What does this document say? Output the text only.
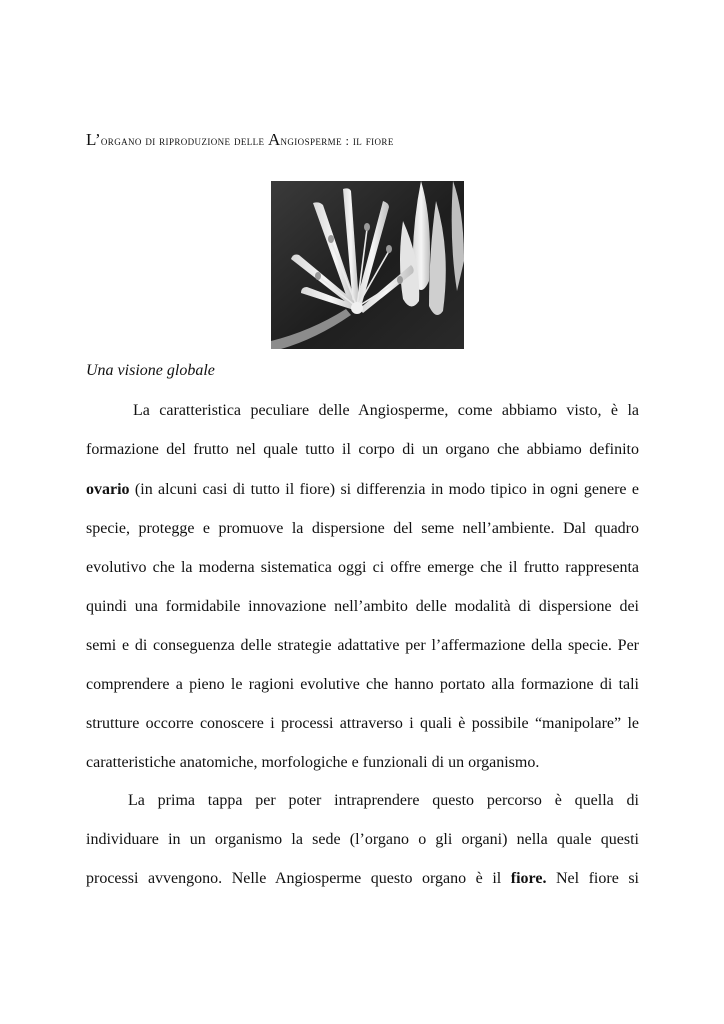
L’organo di riproduzione delle Angiosperme : il fiore

Una visione globale

La caratteristica peculiare delle Angiosperme, come abbiamo visto, è la
formazione del frutto nel quale tutto il corpo di un organo che abbiamo definito
ovario (in alcuni casi di tutto il fiore) si differenzia in modo tipico in ogni genere e
specie, protegge e promuove la dispersione del seme nell’ambiente. Dal quadro
evolutivo che la moderna sistematica oggi ci offre emerge che il frutto rappresenta
quindi una formidabile innovazione nell’ambito delle modalità di dispersione dei
semi e di conseguenza delle strategie adattative per l’affermazione della specie. Per
comprendere a pieno le ragioni evolutive che hanno portato alla formazione di tali
strutture occorre conoscere i processi attraverso i quali è possibile “manipolare” le
caratteristiche anatomiche, morfologiche e funzionali di un organismo.
La prima tappa per poter intraprendere questo percorso è quella di
individuare in un organismo la sede (l’organo o gli organi) nella quale questi
processi avvengono. Nelle Angiosperme questo organo è il fiore. Nel fiore si
